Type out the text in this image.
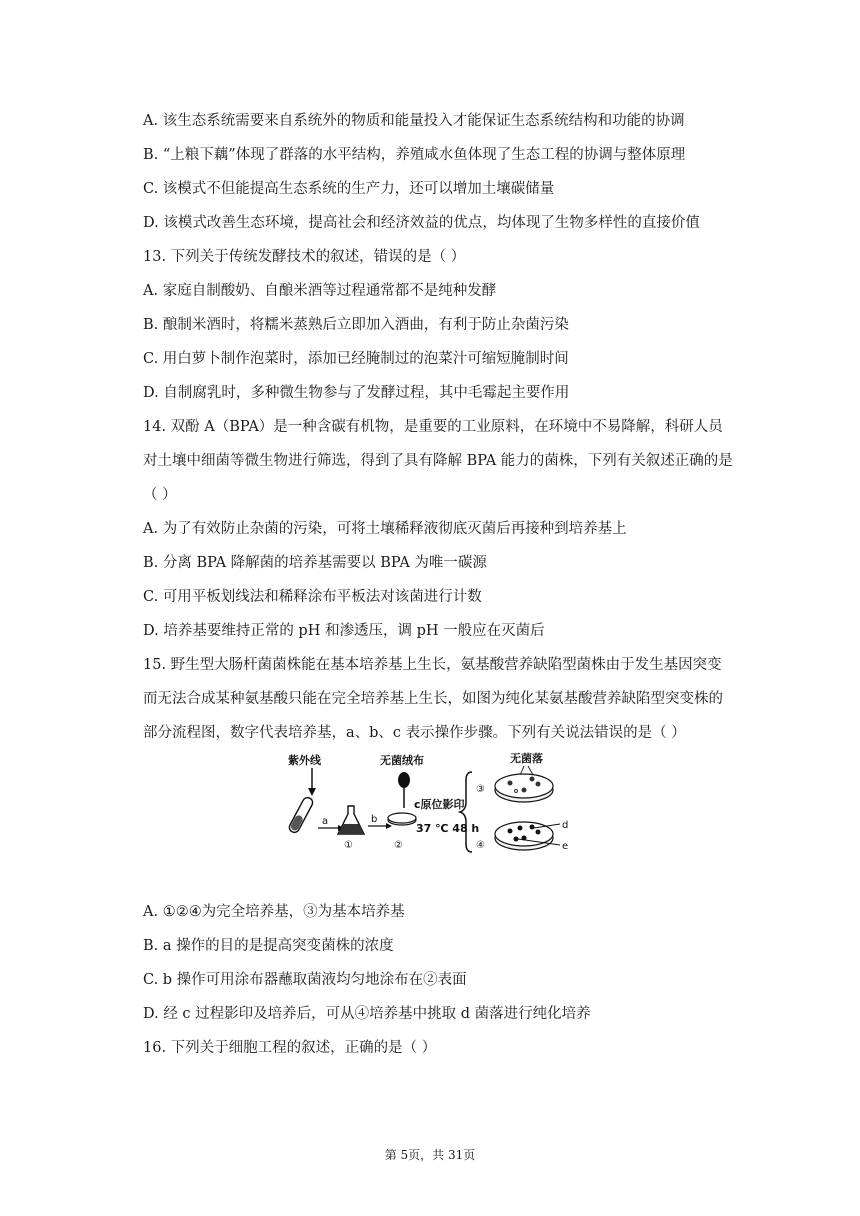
A. 该生态系统需要来自系统外的物质和能量投入才能保证生态系统结构和功能的协调
B. “上粮下藕”体现了群落的水平结构，养殖咸水鱼体现了生态工程的协调与整体原理
C. 该模式不但能提高生态系统的生产力，还可以增加土壤碳储量
D. 该模式改善生态环境，提高社会和经济效益的优点，均体现了生物多样性的直接价值
13. 下列关于传统发酵技术的叙述，错误的是（ ）
A. 家庭自制酸奶、自酿米酒等过程通常都不是纯种发酵
B. 酿制米酒时，将糯米蒸熟后立即加入酒曲，有利于防止杂菌污染
C. 用白萝卜制作泡菜时，添加已经腌制过的泡菜汁可缩短腌制时间
D. 自制腐乳时，多种微生物参与了发酵过程，其中毛霉起主要作用
14. 双酚 A（BPA）是一种含碳有机物，是重要的工业原料，在环境中不易降解，科研人员
对土壤中细菌等微生物进行筛选，得到了具有降解 BPA 能力的菌株，下列有关叙述正确的是
（ ）
A. 为了有效防止杂菌的污染，可将土壤稀释液彻底灭菌后再接种到培养基上
B. 分离 BPA 降解菌的培养基需要以 BPA 为唯一碳源
C. 可用平板划线法和稀释涂布平板法对该菌进行计数
D. 培养基要维持正常的 pH 和渗透压，调 pH 一般应在灭菌后
15. 野生型大肠杆菌菌株能在基本培养基上生长，氨基酸营养缺陷型菌株由于发生基因突变
而无法合成某种氨基酸只能在完全培养基上生长，如图为纯化某氨基酸营养缺陷型突变株的
部分流程图，数字代表培养基，a、b、c 表示操作步骤。下列有关说法错误的是（ ）
紫外线
a
①
b
无菌绒布
②
c原位影印
37 ℃ 48 h
③
④
无菌落
d
e
A. ①②④为完全培养基，③为基本培养基
B. a 操作的目的是提高突变菌株的浓度
C. b 操作可用涂布器蘸取菌液均匀地涂布在②表面
D. 经 c 过程影印及培养后，可从④培养基中挑取 d 菌落进行纯化培养
16. 下列关于细胞工程的叙述，正确的是（ ）
第 5页，共 31页
